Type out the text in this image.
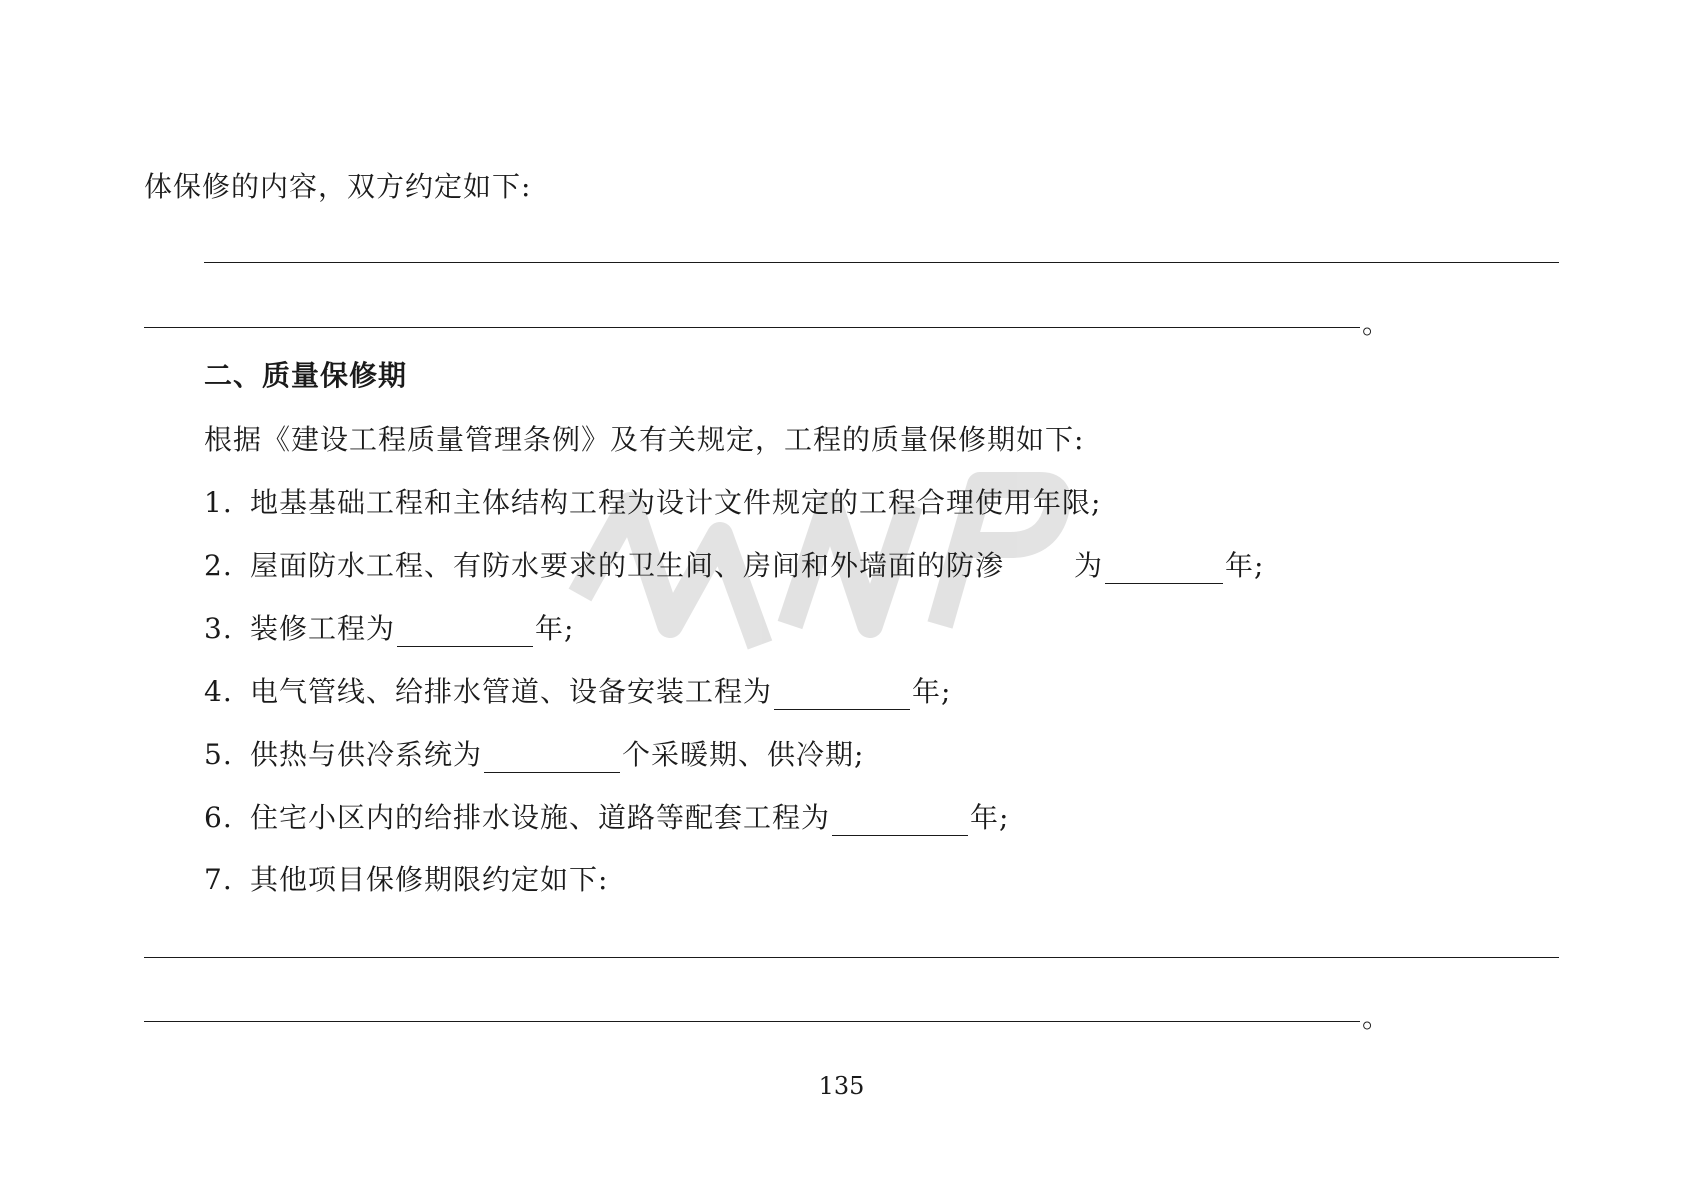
体保修的内容，双方约定如下:
。
二、质量保修期
根据《建设工程质量管理条例》及有关规定，工程的质量保修期如下:
1. 地基基础工程和主体结构工程为设计文件规定的工程合理使用年限;
2. 屋面防水工程、有防水要求的卫生间、房间和外墙面的防渗	为	年;
3. 装修工程为	年;
4. 电气管线、给排水管道、设备安装工程为	年;
5. 供热与供冷系统为	个采暖期、供冷期;
6. 住宅小区内的给排水设施、道路等配套工程为	年;
7. 其他项目保修期限约定如下:
。
135
